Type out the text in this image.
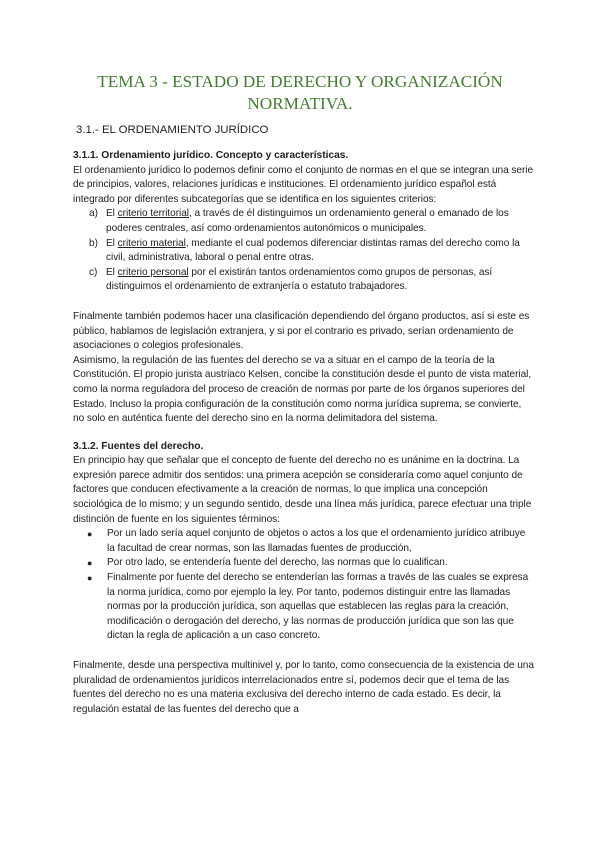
TEMA 3 - ESTADO DE DERECHO Y ORGANIZACIÓN NORMATIVA.
3.1.- EL ORDENAMIENTO JURÍDICO
3.1.1. Ordenamiento jurídico. Concepto y características.

El ordenamiento jurídico lo podemos definir como el conjunto de normas en el que se integran una serie de principios, valores, relaciones jurídicas e instituciones. El ordenamiento jurídico español está integrado por diferentes subcategorías que se identifica en los siguientes criterios:

a) El criterio territorial, a través de él distinguimos un ordenamiento general o emanado de los poderes centrales, así como ordenamientos autonómicos o municipales.
b) El criterio material, mediante el cual podemos diferenciar distintas ramas del derecho como la civil, administrativa, laboral o penal entre otras.
c) El criterio personal por el existirán tantos ordenamientos como grupos de personas, así distinguimos el ordenamiento de extranjería o estatuto trabajadores.

Finalmente también podemos hacer una clasificación dependiendo del órgano productos, así si este es público, hablamos de legislación extranjera, y si por el contrario es privado, serían ordenamiento de asociaciones o colegios profesionales.

Asimismo, la regulación de las fuentes del derecho se va a situar en el campo de la teoría de la Constitución. El propio jurista austriaco Kelsen, concibe la constitución desde el punto de vista material, como la norma reguladora del proceso de creación de normas por parte de los órganos superiores del Estado. Incluso la propia configuración de la constitución como norma jurídica suprema, se convierte, no solo en auténtica fuente del derecho sino en la norma delimitadora del sistema.

3.1.2. Fuentes del derecho.

En principio hay que señalar que el concepto de fuente del derecho no es unánime en la doctrina. La expresión parece admitir dos sentidos: una primera acepción se consideraría como aquel conjunto de factores que conducen efectivamente a la creación de normas, lo que implica una concepción sociológica de lo mismo; y un segundo sentido, desde una línea más jurídica, parece efectuar una triple distinción de fuente en los siguientes términos:

● Por un lado sería aquel conjunto de objetos o actos a los que el ordenamiento jurídico atribuye la facultad de crear normas, son las llamadas fuentes de producción,
● Por otro lado, se entendería fuente del derecho, las normas que lo cualifican.
● Finalmente por fuente del derecho se entenderían las formas a través de las cuales se expresa la norma jurídica, como por ejemplo la ley. Por tanto, podemos distinguir entre las llamadas normas por la producción jurídica, son aquellas que establecen las reglas para la creación, modificación o derogación del derecho, y las normas de producción jurídica que son las que dictan la regla de aplicación a un caso concreto.

Finalmente, desde una perspectiva multinivel y, por lo tanto, como consecuencia de la existencia de una pluralidad de ordenamientos jurídicos interrelacionados entre sí, podemos decir que el tema de las fuentes del derecho no es una materia exclusiva del derecho interno de cada estado. Es decir, la regulación estatal de las fuentes del derecho que a
